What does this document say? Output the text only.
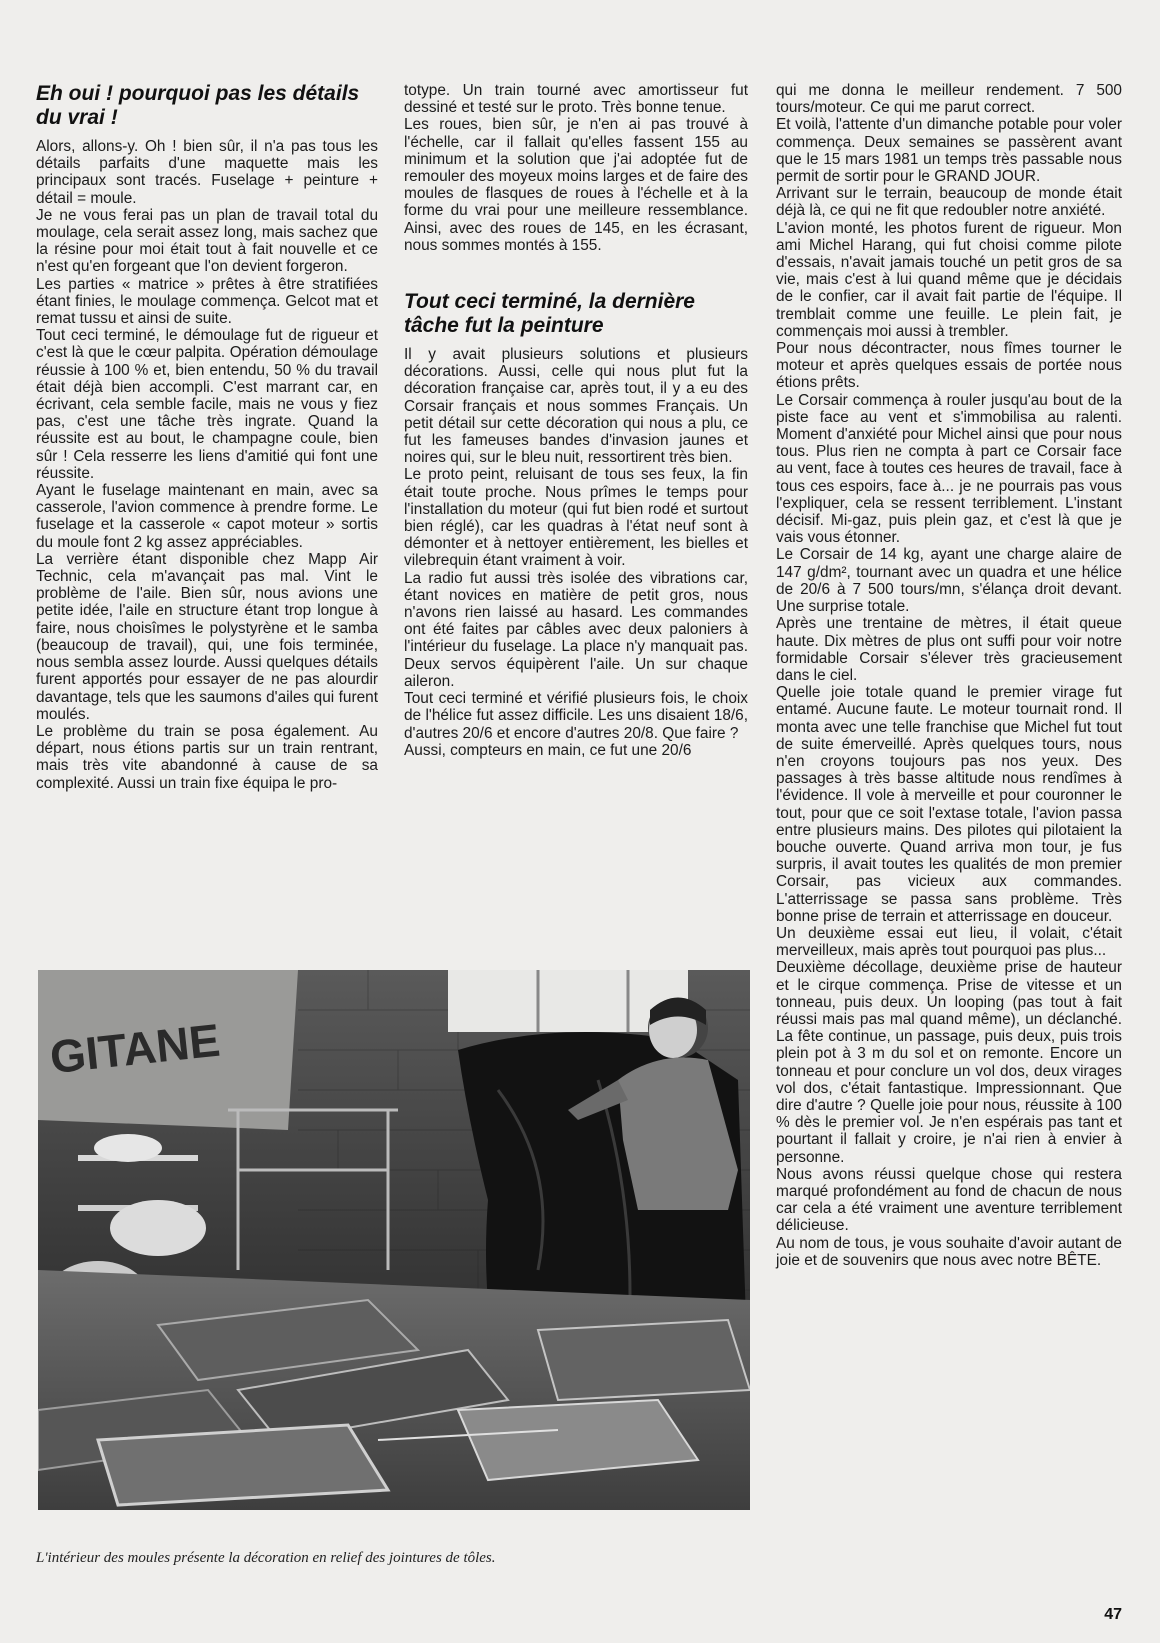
Eh oui ! pourquoi pas les détails du vrai !

Alors, allons-y. Oh ! bien sûr, il n'a pas tous les détails parfaits d'une maquette mais les principaux sont tracés. Fuselage + peinture + détail = moule.

Je ne vous ferai pas un plan de travail total du moulage, cela serait assez long, mais sachez que la résine pour moi était tout à fait nouvelle et ce n'est qu'en forgeant que l'on devient forgeron.

Les parties « matrice » prêtes à être stratifiées étant finies, le moulage commença. Gelcot mat et remat tussu et ainsi de suite.

Tout ceci terminé, le démoulage fut de rigueur et c'est là que le cœur palpita. Opération démoulage réussie à 100 % et, bien entendu, 50 % du travail était déjà bien accompli. C'est marrant car, en écrivant, cela semble facile, mais ne vous y fiez pas, c'est une tâche très ingrate. Quand la réussite est au bout, le champagne coule, bien sûr ! Cela resserre les liens d'amitié qui font une réussite.

Ayant le fuselage maintenant en main, avec sa casserole, l'avion commence à prendre forme. Le fuselage et la casserole « capot moteur » sortis du moule font 2 kg assez appréciables.

La verrière étant disponible chez Mapp Air Technic, cela m'avançait pas mal. Vint le problème de l'aile. Bien sûr, nous avions une petite idée, l'aile en structure étant trop longue à faire, nous choisîmes le polystyrène et le samba (beaucoup de travail), qui, une fois terminée, nous sembla assez lourde. Aussi quelques détails furent apportés pour essayer de ne pas alourdir davantage, tels que les saumons d'ailes qui furent moulés.

Le problème du train se posa également. Au départ, nous étions partis sur un train rentrant, mais très vite abandonné à cause de sa complexité. Aussi un train fixe équipa le pro-

totype. Un train tourné avec amortisseur fut dessiné et testé sur le proto. Très bonne tenue.

Les roues, bien sûr, je n'en ai pas trouvé à l'échelle, car il fallait qu'elles fassent 155 au minimum et la solution que j'ai adoptée fut de remouler des moyeux moins larges et de faire des moules de flasques de roues à l'échelle et à la forme du vrai pour une meilleure ressemblance. Ainsi, avec des roues de 145, en les écrasant, nous sommes montés à 155.

Tout ceci terminé, la dernière tâche fut la peinture

Il y avait plusieurs solutions et plusieurs décorations. Aussi, celle qui nous plut fut la décoration française car, après tout, il y a eu des Corsair français et nous sommes Français. Un petit détail sur cette décoration qui nous a plu, ce fut les fameuses bandes d'invasion jaunes et noires qui, sur le bleu nuit, ressortirent très bien.

Le proto peint, reluisant de tous ses feux, la fin était toute proche. Nous prîmes le temps pour l'installation du moteur (qui fut bien rodé et surtout bien réglé), car les quadras à l'état neuf sont à démonter et à nettoyer entièrement, les bielles et vilebrequin étant vraiment à voir.

La radio fut aussi très isolée des vibrations car, étant novices en matière de petit gros, nous n'avons rien laissé au hasard. Les commandes ont été faites par câbles avec deux paloniers à l'intérieur du fuselage. La place n'y manquait pas. Deux servos équipèrent l'aile. Un sur chaque aileron.

Tout ceci terminé et vérifié plusieurs fois, le choix de l'hélice fut assez difficile. Les uns disaient 18/6, d'autres 20/6 et encore d'autres 20/8. Que faire ?

Aussi, compteurs en main, ce fut une 20/6

qui me donna le meilleur rendement. 7 500 tours/moteur. Ce qui me parut correct.

Et voilà, l'attente d'un dimanche potable pour voler commença. Deux semaines se passèrent avant que le 15 mars 1981 un temps très passable nous permit de sortir pour le GRAND JOUR.

Arrivant sur le terrain, beaucoup de monde était déjà là, ce qui ne fit que redoubler notre anxiété.

L'avion monté, les photos furent de rigueur. Mon ami Michel Harang, qui fut choisi comme pilote d'essais, n'avait jamais touché un petit gros de sa vie, mais c'est à lui quand même que je décidais de le confier, car il avait fait partie de l'équipe. Il tremblait comme une feuille. Le plein fait, je commençais moi aussi à trembler.

Pour nous décontracter, nous fîmes tourner le moteur et après quelques essais de portée nous étions prêts.

Le Corsair commença à rouler jusqu'au bout de la piste face au vent et s'immobilisa au ralenti. Moment d'anxiété pour Michel ainsi que pour nous tous. Plus rien ne compta à part ce Corsair face au vent, face à toutes ces heures de travail, face à tous ces espoirs, face à... je ne pourrais pas vous l'expliquer, cela se ressent terriblement. L'instant décisif. Mi-gaz, puis plein gaz, et c'est là que je vais vous étonner.

Le Corsair de 14 kg, ayant une charge alaire de 147 g/dm², tournant avec un quadra et une hélice de 20/6 à 7 500 tours/mn, s'élança droit devant. Une surprise totale.

Après une trentaine de mètres, il était queue haute. Dix mètres de plus ont suffi pour voir notre formidable Corsair s'élever très gracieusement dans le ciel.

Quelle joie totale quand le premier virage fut entamé. Aucune faute. Le moteur tournait rond. Il monta avec une telle franchise que Michel fut tout de suite émerveillé. Après quelques tours, nous n'en croyons toujours pas nos yeux. Des passages à très basse altitude nous rendîmes à l'évidence. Il vole à merveille et pour couronner le tout, pour que ce soit l'extase totale, l'avion passa entre plusieurs mains. Des pilotes qui pilotaient la bouche ouverte. Quand arriva mon tour, je fus surpris, il avait toutes les qualités de mon premier Corsair, pas vicieux aux commandes. L'atterrissage se passa sans problème. Très bonne prise de terrain et atterrissage en douceur.

Un deuxième essai eut lieu, il volait, c'était merveilleux, mais après tout pourquoi pas plus...

Deuxième décollage, deuxième prise de hauteur et le cirque commença. Prise de vitesse et un tonneau, puis deux. Un looping (pas tout à fait réussi mais pas mal quand même), un déclanché. La fête continue, un passage, puis deux, puis trois plein pot à 3 m du sol et on remonte. Encore un tonneau et pour conclure un vol dos, deux virages vol dos, c'était fantastique. Impressionnant. Que dire d'autre ? Quelle joie pour nous, réussite à 100 % dès le premier vol. Je n'en espérais pas tant et pourtant il fallait y croire, je n'ai rien à envier à personne.

Nous avons réussi quelque chose qui restera marqué profondément au fond de chacun de nous car cela a été vraiment une aventure terriblement délicieuse.

Au nom de tous, je vous souhaite d'avoir autant de joie et de souvenirs que nous avec notre BÊTE.

GITANE
L'intérieur des moules présente la décoration en relief des jointures de tôles.
47
